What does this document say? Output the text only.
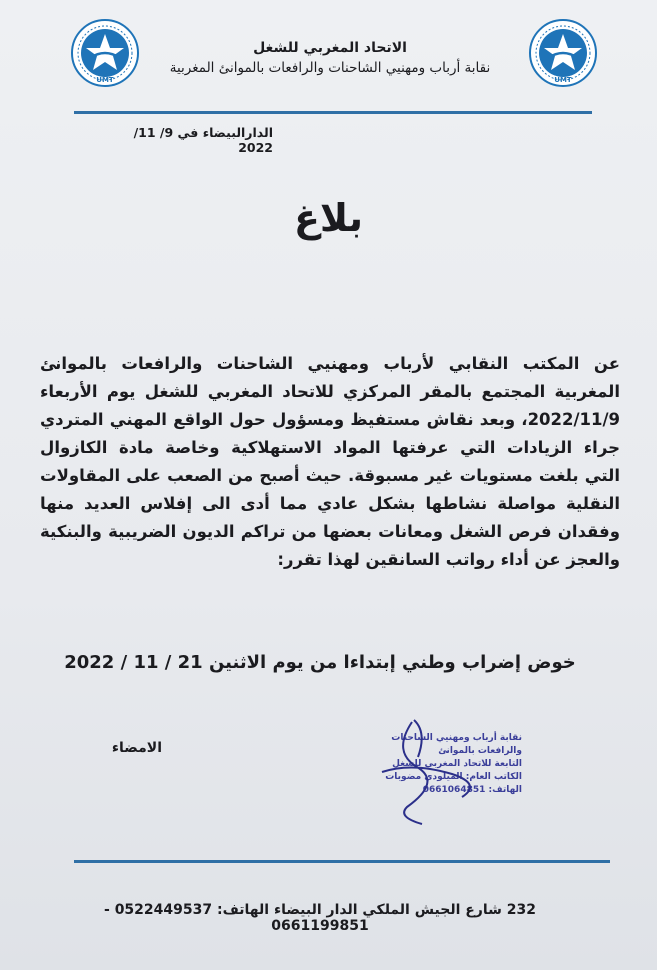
UMT	UMT
الاتحاد المغربي للشغل
نقابة أرباب ومهنيي الشاحنات والرافعات بالموانئ المغربية
الدارالبيضاء في 9/ 11/ 2022
بلاغ
عن المكتب النقابي لأرباب ومهنيي الشاحنات والرافعات بالموانئ
المغربية المجتمع بالمقر المركزي للاتحاد المغربي للشغل يوم الأربعاء
2022/11/9، وبعد نقاش مستفيظ ومسؤول حول الواقع المهني المتردي
جراء الزيادات التي عرفتها المواد الاستهلاكية وخاصة مادة الكازوال
التي بلغت مستويات غير مسبوقة. حيث أصبح من الصعب على المقاولات
النقلية مواصلة نشاطها بشكل عادي مما أدى الى إفلاس العديد منها
وفقدان فرص الشغل ومعانات بعضها من تراكم الديون الضريبية والبنكية
والعجز عن أداء رواتب السانقين لهذا تقرر:
خوض إضراب وطني إبتداءا من يوم الاثنين 21 / 11 / 2022
الامضاء
نقابة أرباب ومهنيي الشاحنات
والرافعات بالموانئ
التابعة للاتحاد المغربي للشغل
الكاتب العام: الميلودي مضوبات
الهاتف: 0661064851
232 شارع الجيش الملكي الدار البيضاء الهاتف: 0522449537 - 0661199851
